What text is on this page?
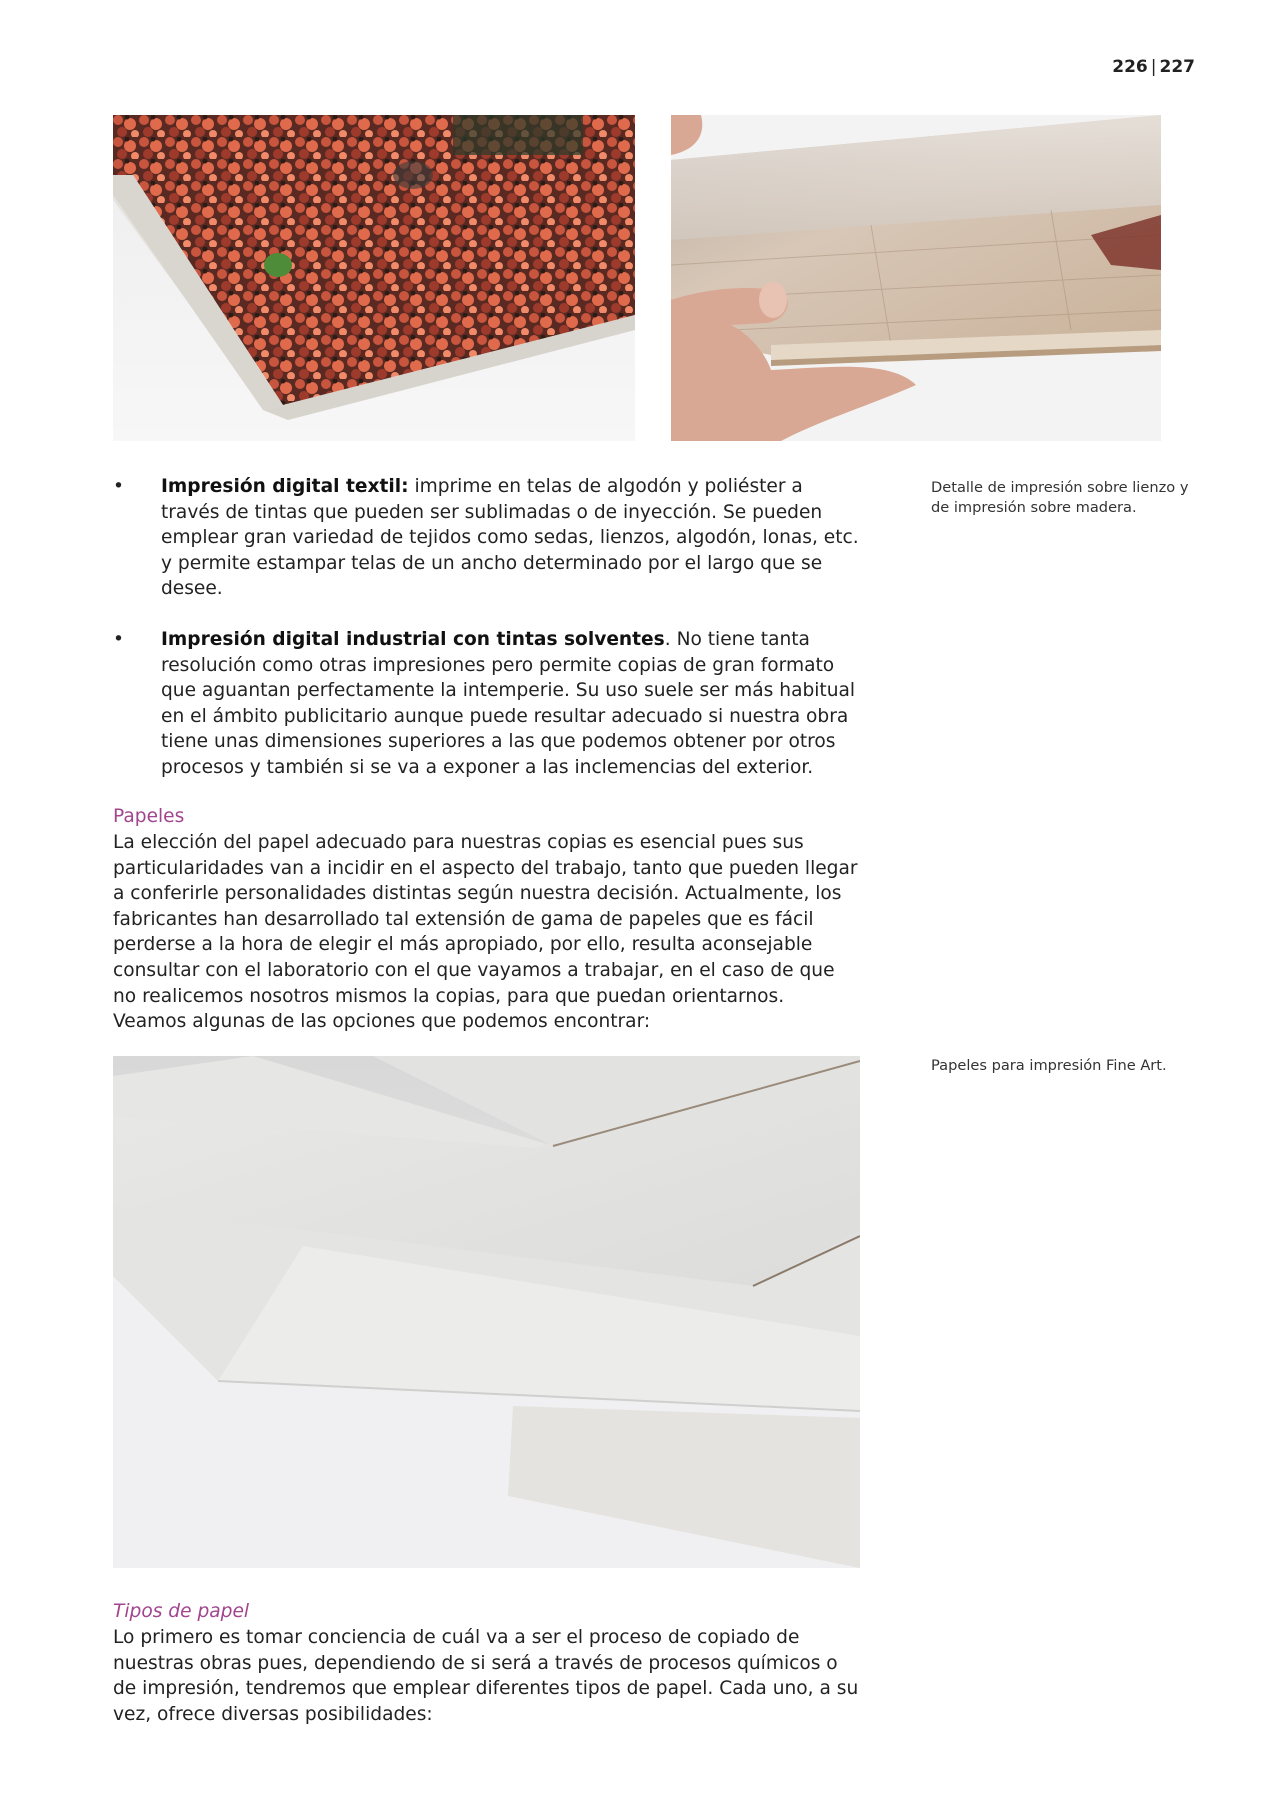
226 | 227
Detalle de impresión sobre lienzo y de impresión sobre madera.
• Impresión digital textil: imprime en telas de algodón y poliéster a través de tintas que pueden ser sublimadas o de inyección. Se pueden emplear gran variedad de tejidos como sedas, lienzos, algodón, lonas, etc. y permite estampar telas de un ancho determinado por el largo que se desee.
• Impresión digital industrial con tintas solventes. No tiene tanta resolución como otras impresiones pero permite copias de gran formato que aguantan perfectamente la intemperie. Su uso suele ser más habitual en el ámbito publicitario aunque puede resultar adecuado si nuestra obra tiene unas dimensiones superiores a las que podemos obtener por otros procesos y también si se va a exponer a las inclemencias del exterior.
Papeles
La elección del papel adecuado para nuestras copias es esencial pues sus particularidades van a incidir en el aspecto del trabajo, tanto que pueden llegar a conferirle personalidades distintas según nuestra decisión. Actualmente, los fabricantes han desarrollado tal extensión de gama de papeles que es fácil perderse a la hora de elegir el más apropiado, por ello, resulta aconsejable consultar con el laboratorio con el que vayamos a trabajar, en el caso de que no realicemos nosotros mismos la copias, para que puedan orientarnos. Veamos algunas de las opciones que podemos encontrar:
Papeles para impresión Fine Art.
Tipos de papel
Lo primero es tomar conciencia de cuál va a ser el proceso de copiado de nuestras obras pues, dependiendo de si será a través de procesos químicos o de impresión, tendremos que emplear diferentes tipos de papel. Cada uno, a su vez, ofrece diversas posibilidades:
